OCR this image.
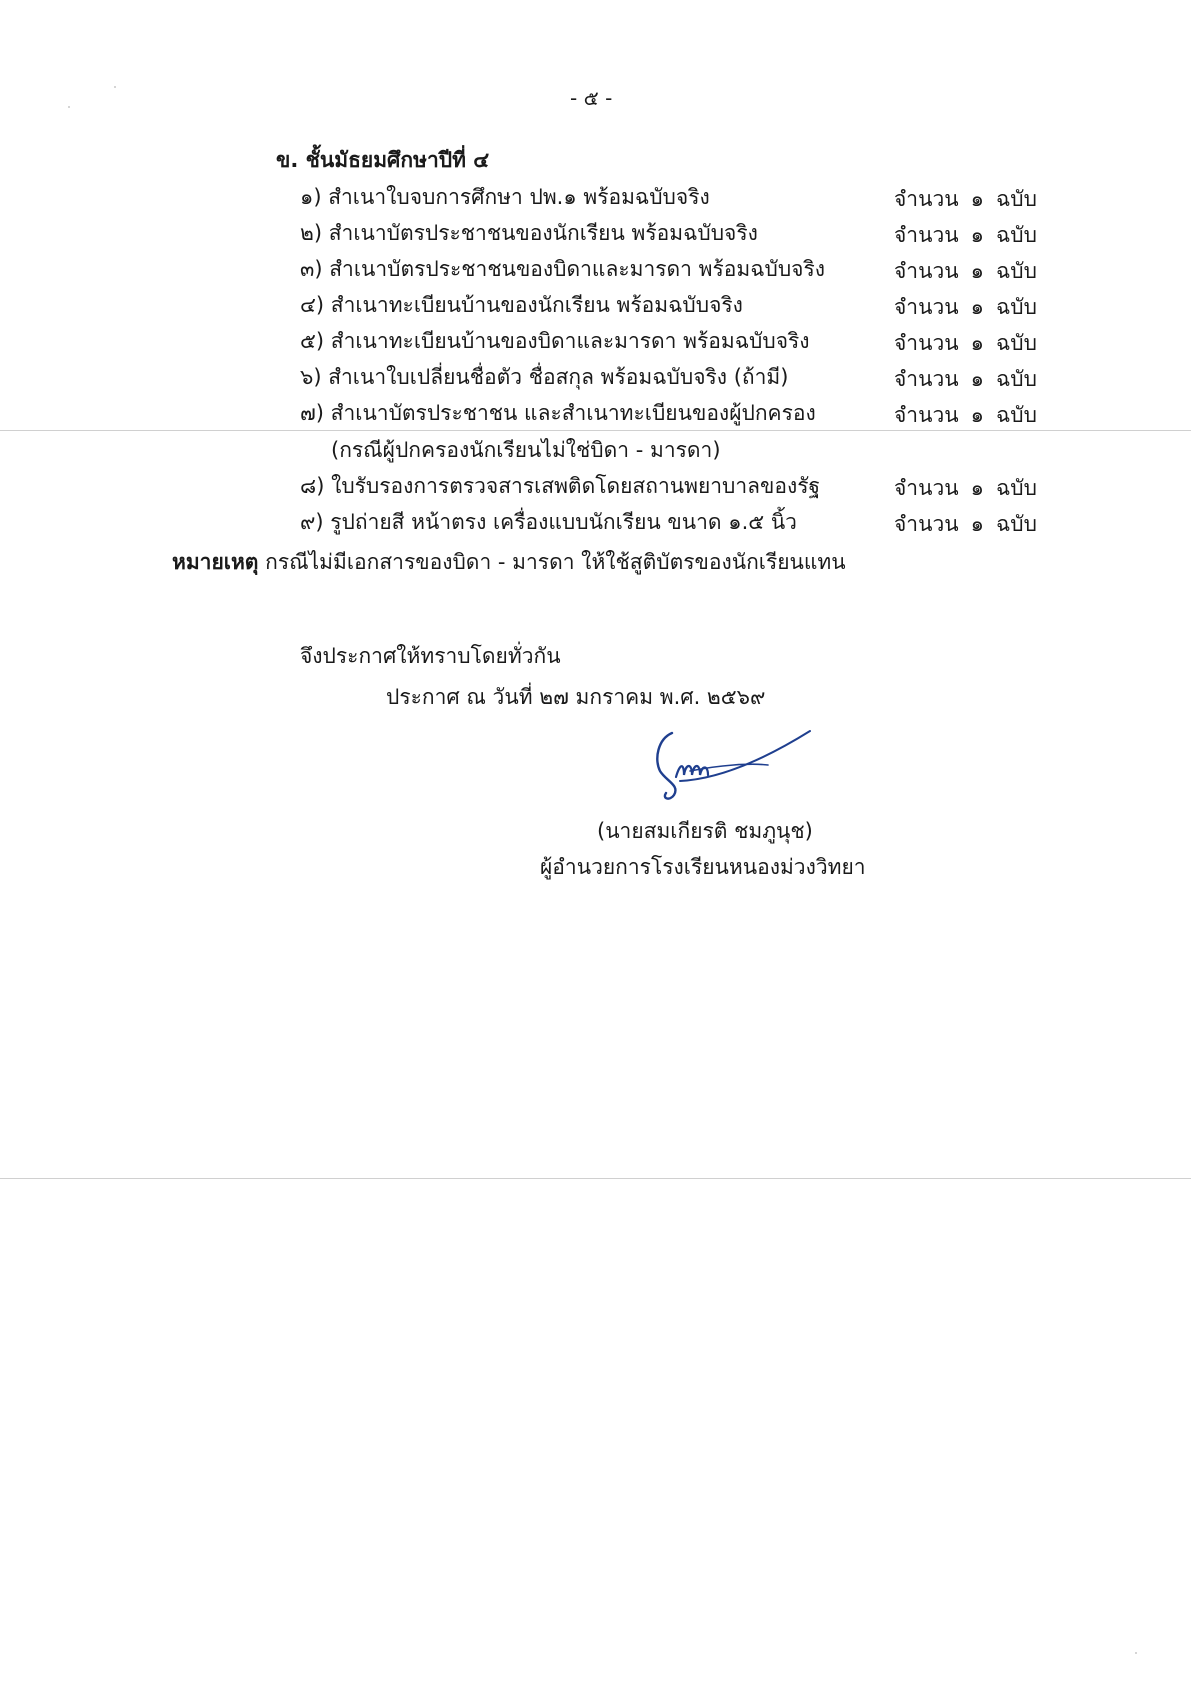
- ๕ -
ข. ชั้นมัธยมศึกษาปีที่ ๔
๑) สำเนาใบจบการศึกษา ปพ.๑ พร้อมฉบับจริง	จำนวน ๑ ฉบับ
๒) สำเนาบัตรประชาชนของนักเรียน พร้อมฉบับจริง	จำนวน ๑ ฉบับ
๓) สำเนาบัตรประชาชนของบิดาและมารดา พร้อมฉบับจริง	จำนวน ๑ ฉบับ
๔) สำเนาทะเบียนบ้านของนักเรียน พร้อมฉบับจริง	จำนวน ๑ ฉบับ
๕) สำเนาทะเบียนบ้านของบิดาและมารดา พร้อมฉบับจริง	จำนวน ๑ ฉบับ
๖) สำเนาใบเปลี่ยนชื่อตัว ชื่อสกุล พร้อมฉบับจริง (ถ้ามี)	จำนวน ๑ ฉบับ
๗) สำเนาบัตรประชาชน และสำเนาทะเบียนของผู้ปกครอง	จำนวน ๑ ฉบับ
(กรณีผู้ปกครองนักเรียนไม่ใช่บิดา - มารดา)
๘) ใบรับรองการตรวจสารเสพติดโดยสถานพยาบาลของรัฐ	จำนวน ๑ ฉบับ
๙) รูปถ่ายสี หน้าตรง เครื่องแบบนักเรียน ขนาด ๑.๕ นิ้ว	จำนวน ๑ ฉบับ
หมายเหตุ กรณีไม่มีเอกสารของบิดา - มารดา ให้ใช้สูติบัตรของนักเรียนแทน
จึงประกาศให้ทราบโดยทั่วกัน
ประกาศ ณ วันที่ ๒๗ มกราคม พ.ศ. ๒๕๖๙
(นายสมเกียรติ ชมภูนุช)
ผู้อำนวยการโรงเรียนหนองม่วงวิทยา
